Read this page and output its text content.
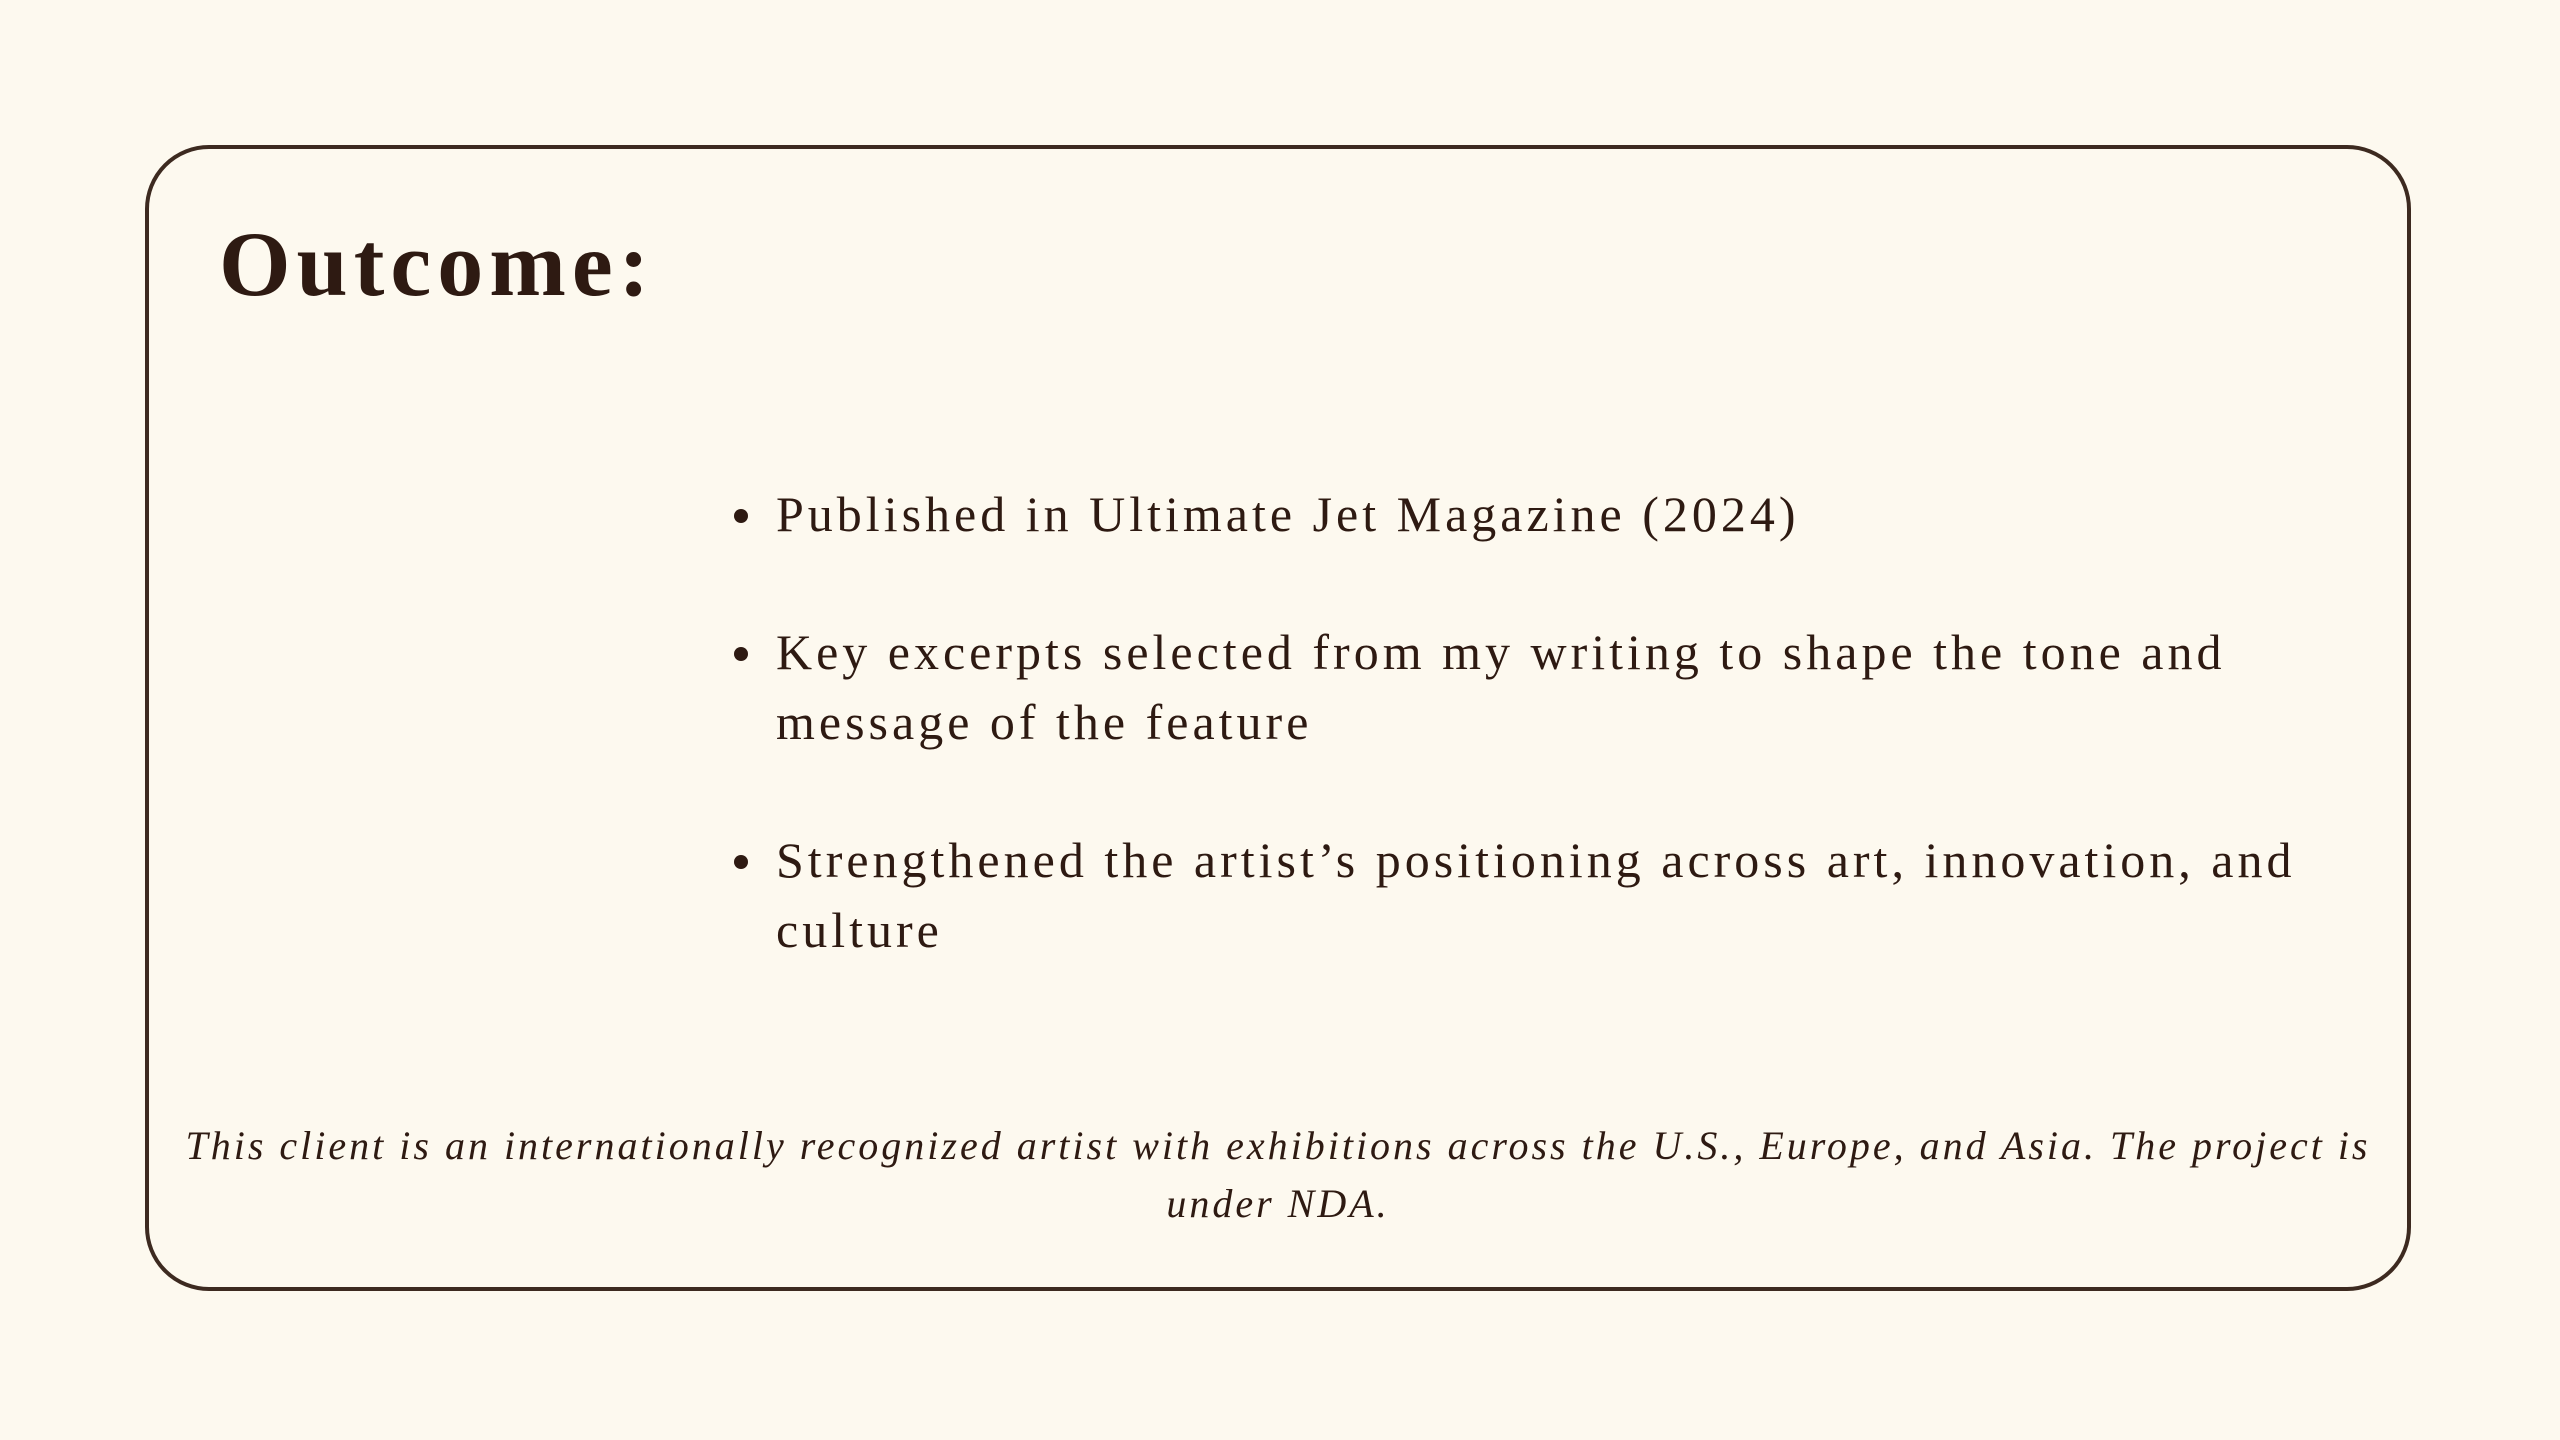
Outcome:
Published in Ultimate Jet Magazine (2024)
Key excerpts selected from my writing to shape the tone and message of the feature
Strengthened the artist’s positioning across art, innovation, and culture

This client is an internationally recognized artist with exhibitions across the U.S., Europe, and Asia. The project is under NDA.
